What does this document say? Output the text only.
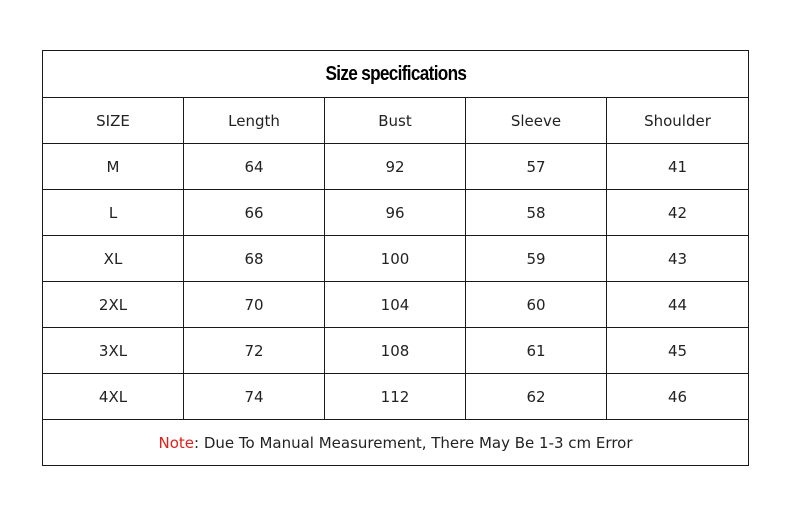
Size specifications				
SIZE	Length	Bust	Sleeve	Shoulder
M	64	92	57	41
L	66	96	58	42
XL	68	100	59	43
2XL	70	104	60	44
3XL	72	108	61	45
4XL	74	112	62	46
Note: Due To Manual Measurement, There May Be 1-3 cm Error				
